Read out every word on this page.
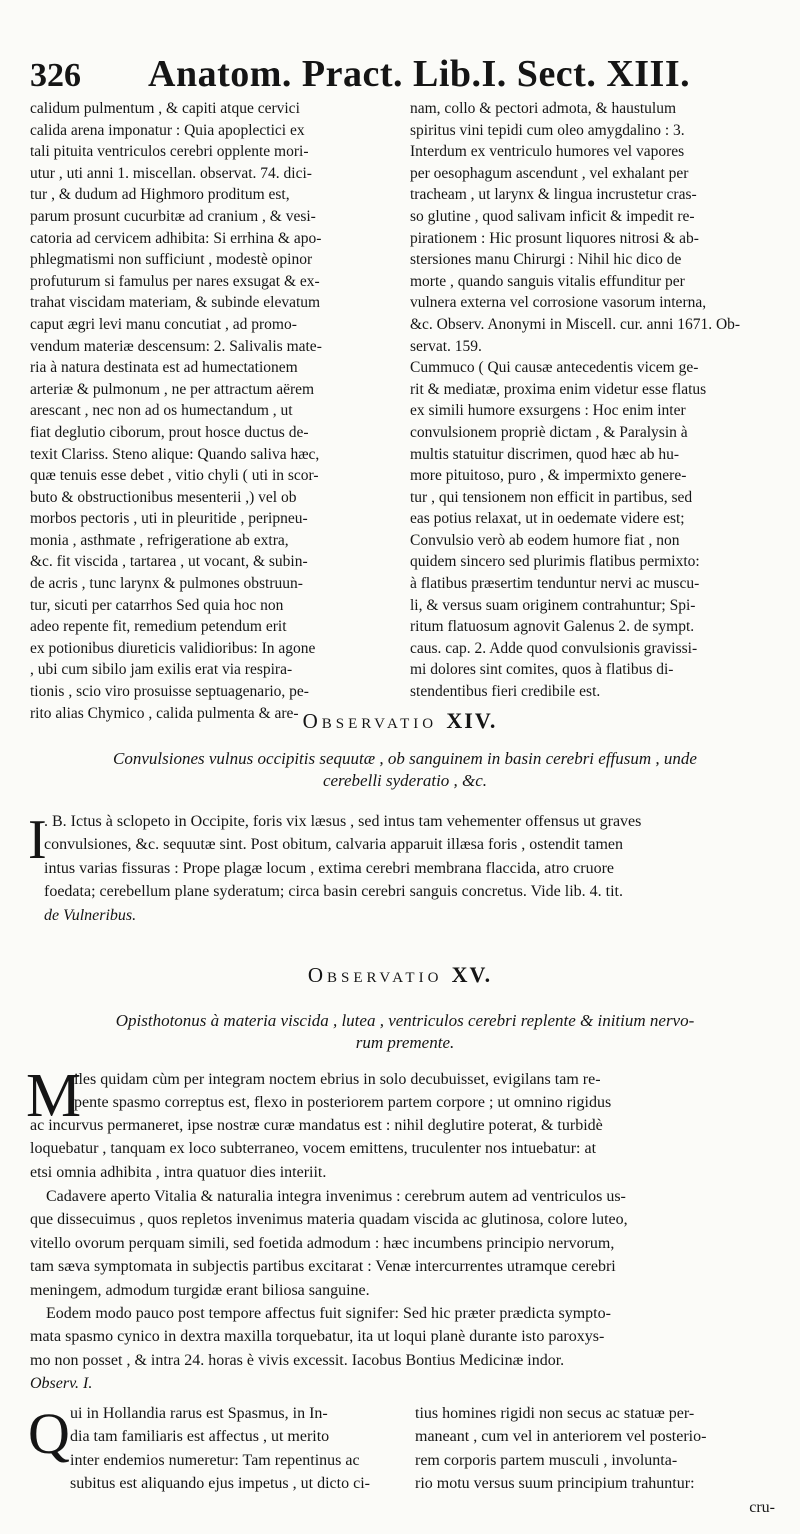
326	Anatom. Pract. Lib.I. Sect. XIII.
calidum pulmentum , & capiti atque cervici
calida arena imponatur : Quia apoplectici ex
tali pituita ventriculos cerebri opplente mori-
utur , uti anni 1. miscellan. observat. 74. dici-
tur , & dudum ad Highmoro proditum est,
parum prosunt cucurbitæ ad cranium , & vesi-
catoria ad cervicem adhibita: Si errhina & apo-
phlegmatismi non sufficiunt , modestè opinor
profuturum si famulus per nares exsugat & ex-
trahat viscidam materiam, & subinde elevatum
caput ægri levi manu concutiat , ad promo-
vendum materiæ descensum: 2. Salivalis mate-
ria à natura destinata est ad humectationem
arteriæ & pulmonum , ne per attractum aërem
arescant , nec non ad os humectandum , ut
fiat deglutio ciborum, prout hosce ductus de-
texit Clariss. Steno alique: Quando saliva hæc,
quæ tenuis esse debet , vitio chyli ( uti in scor-
buto & obstructionibus mesenterii ,) vel ob
morbos pectoris , uti in pleuritide , peripneu-
monia , asthmate , refrigeratione ab extra,
&c. fit viscida , tartarea , ut vocant, & subin-
de acris , tunc larynx & pulmones obstruun-
tur, sicuti per catarrhos Sed quia hoc non
adeo repente fit, remedium petendum erit
ex potionibus diureticis validioribus: In agone
, ubi cum sibilo jam exilis erat via respira-
tionis , scio viro prosuisse septuagenario, pe-
rito alias Chymico , calida pulmenta & are-
nam, collo & pectori admota, & haustulum
spiritus vini tepidi cum oleo amygdalino : 3.
Interdum ex ventriculo humores vel vapores
per oesophagum ascendunt , vel exhalant per
tracheam , ut larynx & lingua incrustetur cras-
so glutine , quod salivam inficit & impedit re-
pirationem : Hic prosunt liquores nitrosi & ab-
stersiones manu Chirurgi : Nihil hic dico de
morte , quando sanguis vitalis effunditur per
vulnera externa vel corrosione vasorum interna,
&c. Observ. Anonymi in Miscell. cur. anni 1671. Ob-
servat. 159.
Cummuco ( Qui causæ antecedentis vicem ge-
rit & mediatæ, proxima enim videtur esse flatus
ex simili humore exsurgens : Hoc enim inter
convulsionem propriè dictam , & Paralysin à
multis statuitur discrimen, quod hæc ab hu-
more pituitoso, puro , & impermixto genere-
tur , qui tensionem non efficit in partibus, sed
eas potius relaxat, ut in oedemate videre est;
Convulsio verò ab eodem humore fiat , non
quidem sincero sed plurimis flatibus permixto:
à flatibus præsertim tenduntur nervi ac muscu-
li, & versus suam originem contrahuntur; Spi-
ritum flatuosum agnovit Galenus 2. de sympt.
caus. cap. 2. Adde quod convulsionis gravissi-
mi dolores sint comites, quos à flatibus di-
stendentibus fieri credibile est.
Observatio XIV.
Convulsiones vulnus occipitis sequutæ , ob sanguinem in basin cerebri effusum , unde
cerebelli syderatio , &c.
I
. B. Ictus à sclopeto in Occipite, foris vix læsus , sed intus tam vehementer offensus ut graves
convulsiones, &c. sequutæ sint. Post obitum, calvaria apparuit illæsa foris , ostendit tamen
intus varias fissuras : Prope plagæ locum , extima cerebri membrana flaccida, atro cruore
foedata; cerebellum plane syderatum; circa basin cerebri sanguis concretus. Vide lib. 4. tit.
de Vulneribus.
Observatio XV.
Opisthotonus à materia viscida , lutea , ventriculos cerebri replente & initium nervo-
rum premente.
M
iles quidam cùm per integram noctem ebrius in solo decubuisset, evigilans tam re-
pente spasmo correptus est, flexo in posteriorem partem corpore ; ut omnino rigidus
ac incurvus permaneret, ipse nostræ curæ mandatus est : nihil deglutire poterat, & turbidè
loquebatur , tanquam ex loco subterraneo, vocem emittens, truculenter nos intuebatur: at
etsi omnia adhibita , intra quatuor dies interiit.
Cadavere aperto Vitalia & naturalia integra invenimus : cerebrum autem ad ventriculos us-
que dissecuimus , quos repletos invenimus materia quadam viscida ac glutinosa, colore luteo,
vitello ovorum perquam simili, sed foetida admodum : hæc incumbens principio nervorum,
tam sæva symptomata in subjectis partibus excitarat : Venæ intercurrentes utramque cerebri
meningem, admodum turgidæ erant biliosa sanguine.
Eodem modo pauco post tempore affectus fuit signifer: Sed hic præter prædicta sympto-
mata spasmo cynico in dextra maxilla torquebatur, ita ut loqui planè durante isto paroxys-
mo non posset , & intra 24. horas è vivis excessit. Iacobus Bontius Medicinæ indor.
Observ. I.
Q ui in Hollandia rarus est Spasmus, in In-
dia tam familiaris est affectus , ut merito
inter endemios numeretur: Tam repentinus ac
subitus est aliquando ejus impetus , ut dicto ci-
tius homines rigidi non secus ac statuæ per-
maneant , cum vel in anteriorem vel posterio-
rem corporis partem musculi , involunta-
rio motu versus suum principium trahuntur:
cru-
